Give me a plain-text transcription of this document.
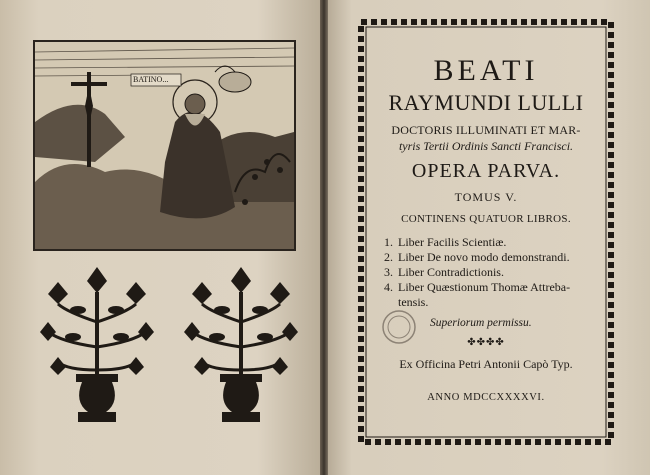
BATINO...	BEATI
RAYMUNDI LULLI
DOCTORIS ILLUMINATI ET MAR-
tyris Tertii Ordinis Sancti Francisci.
OPERA PARVA.
TOMUS V.
CONTINENS QUATUOR LIBROS.
1. Liber Facilis Scientiæ.
2. Liber De novo modo demonstrandi.
3. Liber Contradictionis.
4. Liber Quæstionum Thomæ Attreba-
tensis.
Superiorum permissu.
✤✤✤✤
Ex Officina Petri Antonii Capò Typ.
ANNO MDCCXXXXVI.
